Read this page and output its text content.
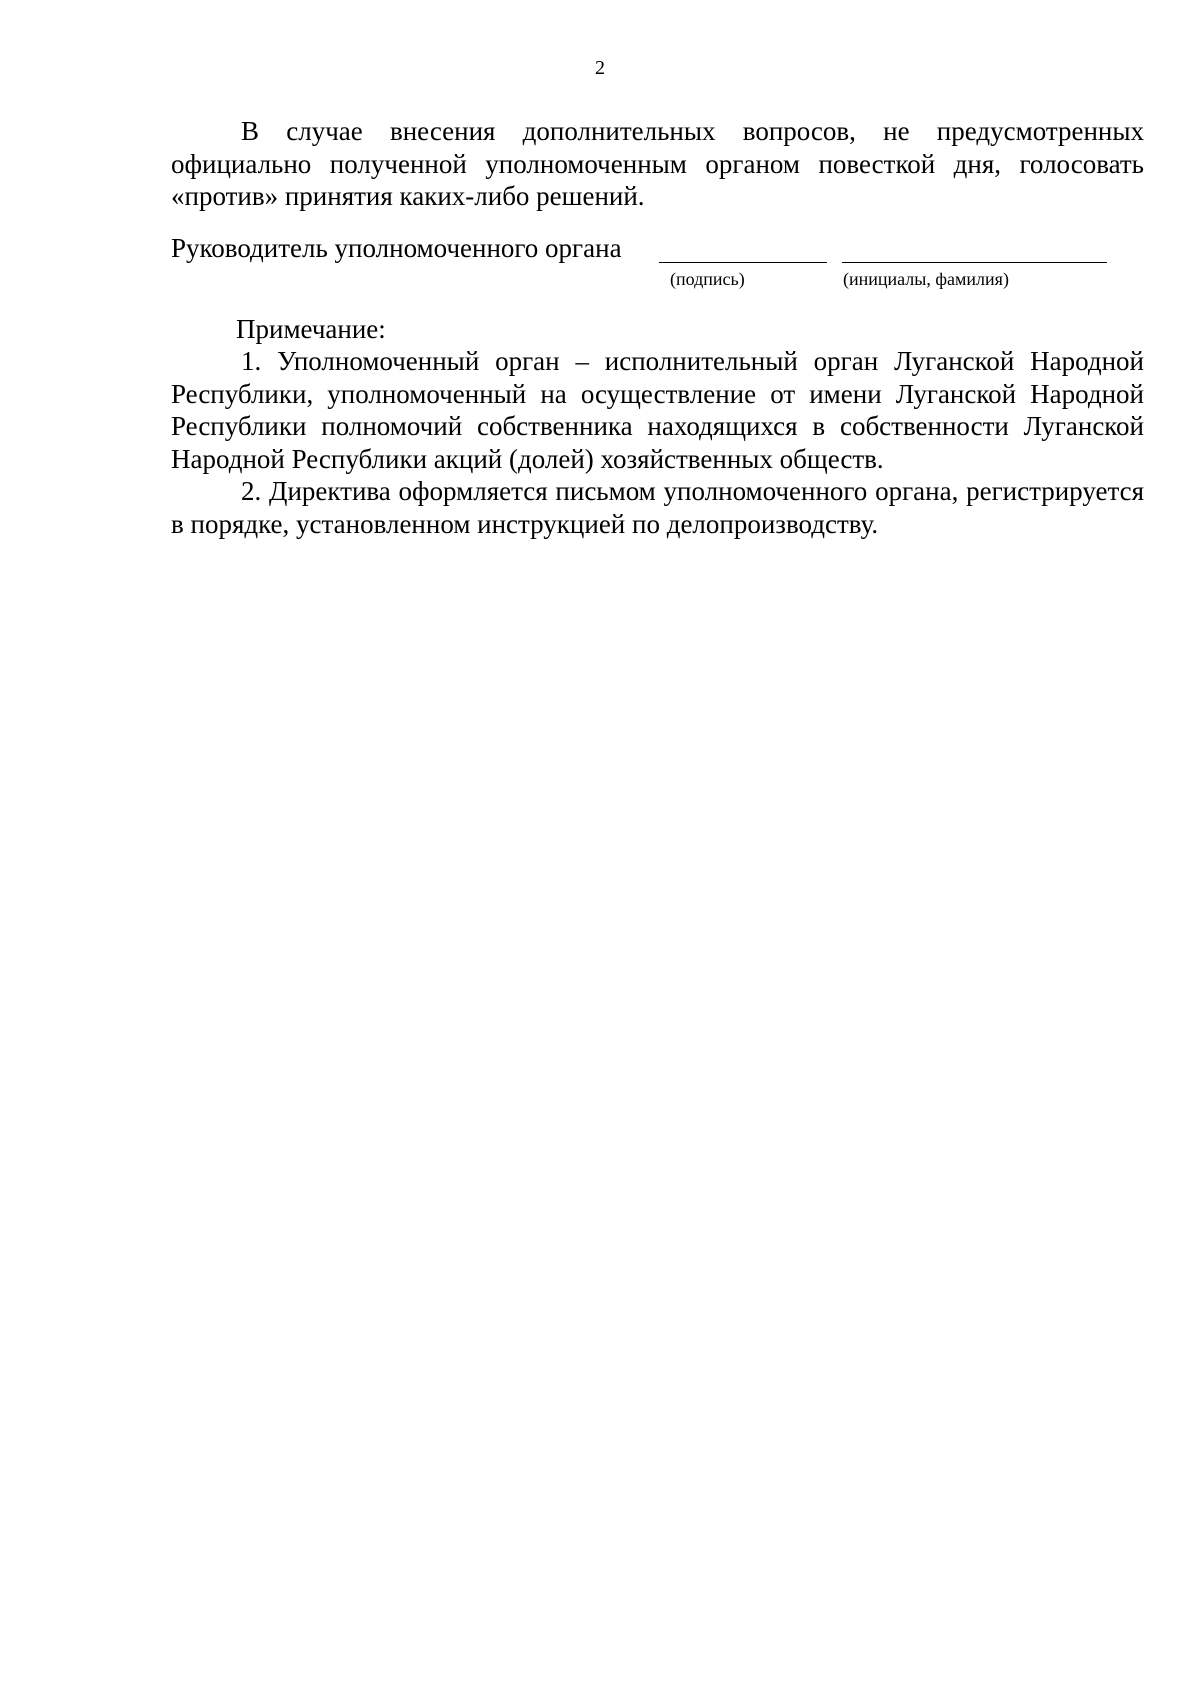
2

В случае внесения дополнительных вопросов, не предусмотренных официально полученной уполномоченным органом повесткой дня, голосовать «против» принятия каких-либо решений.

Руководитель уполномоченного органа
(подпись)	(инициалы, фамилия)

Примечание:

1. Уполномоченный орган – исполнительный орган Луганской Народной Республики, уполномоченный на осуществление от имени Луганской Народной Республики полномочий собственника находящихся в собственности Луганской Народной Республики акций (долей) хозяйственных обществ.

2. Директива оформляется письмом уполномоченного органа, регистрируется в порядке, установленном инструкцией по делопроизводству.
